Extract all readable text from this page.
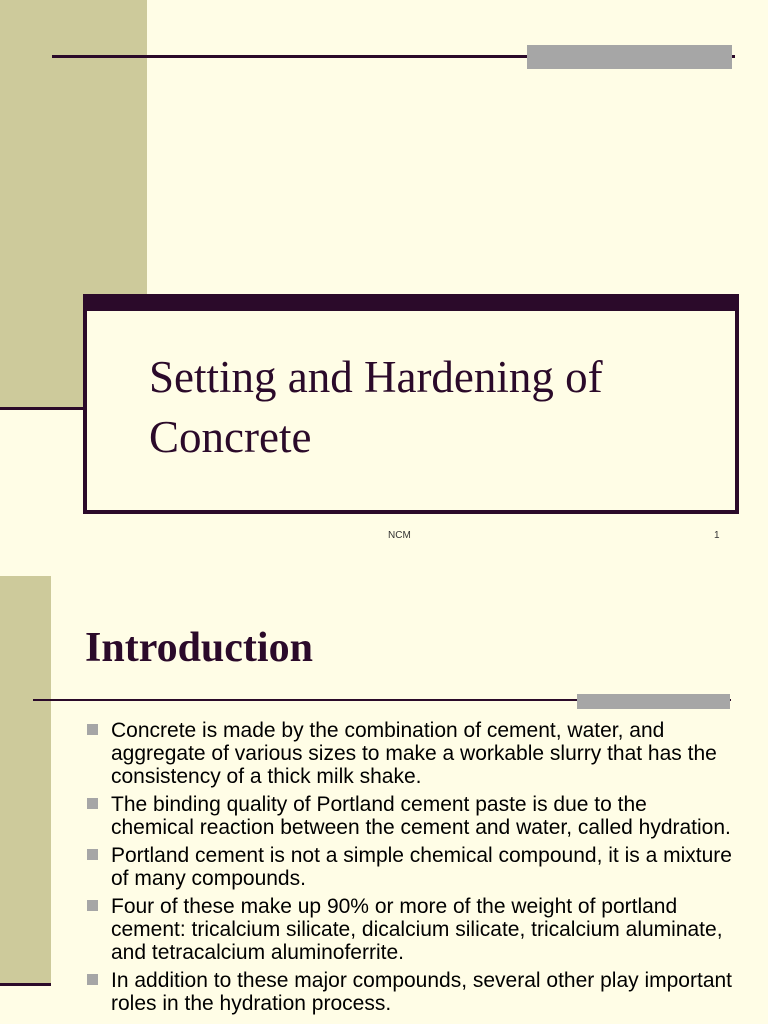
Setting and Hardening of Concrete
NCM	1
Introduction
Concrete is made by the combination of cement, water, and aggregate of various sizes to make a workable slurry that has the consistency of a thick milk shake.
The binding quality of Portland cement paste is due to the chemical reaction between the cement and water, called hydration.
Portland cement is not a simple chemical compound, it is a mixture of many compounds.
Four of these make up 90% or more of the weight of portland cement: tricalcium silicate, dicalcium silicate, tricalcium aluminate, and tetracalcium aluminoferrite.
In addition to these major compounds, several other play important roles in the hydration process.
